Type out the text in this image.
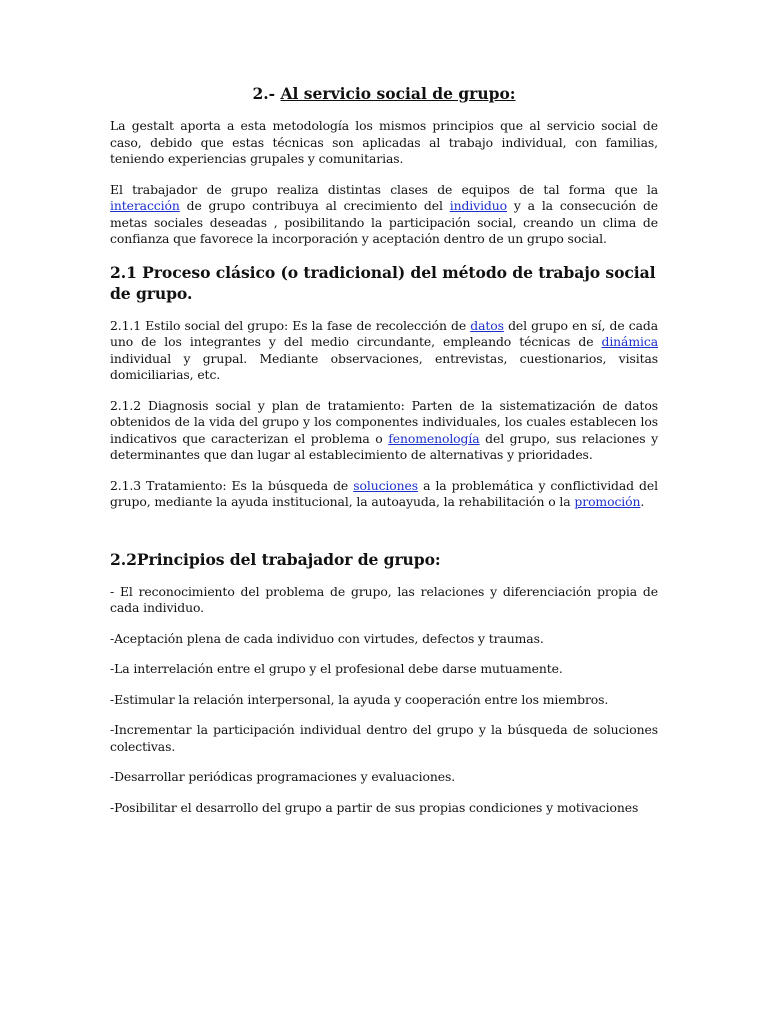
2.- Al servicio social de grupo:

La gestalt aporta a esta metodología los mismos principios que al servicio social de caso, debido que estas técnicas son aplicadas al trabajo individual, con familias, teniendo experiencias grupales y comunitarias.

El trabajador de grupo realiza distintas clases de equipos de tal forma que la interacción de grupo contribuya al crecimiento del individuo y a la consecución de metas sociales deseadas , posibilitando la participación social, creando un clima de confianza que favorece la incorporación y aceptación dentro de un grupo social.

2.1 Proceso clásico (o tradicional) del método de trabajo social de grupo.

2.1.1 Estilo social del grupo: Es la fase de recolección de datos del grupo en sí, de cada uno de los integrantes y del medio circundante, empleando técnicas de dinámica individual y grupal. Mediante observaciones, entrevistas, cuestionarios, visitas domiciliarias, etc.

2.1.2 Diagnosis social y plan de tratamiento: Parten de la sistematización de datos obtenidos de la vida del grupo y los componentes individuales, los cuales establecen los indicativos que caracterizan el problema o fenomenología del grupo, sus relaciones y determinantes que dan lugar al establecimiento de alternativas y prioridades.

2.1.3 Tratamiento: Es la búsqueda de soluciones a la problemática y conflictividad del grupo, mediante la ayuda institucional, la autoayuda, la rehabilitación o la promoción.

2.2Principios del trabajador de grupo:

- El reconocimiento del problema de grupo, las relaciones y diferenciación propia de cada individuo.

-Aceptación plena de cada individuo con virtudes, defectos y traumas.

-La interrelación entre el grupo y el profesional debe darse mutuamente.

-Estimular la relación interpersonal, la ayuda y cooperación entre los miembros.

-Incrementar la participación individual dentro del grupo y la búsqueda de soluciones colectivas.

-Desarrollar periódicas programaciones y evaluaciones.

-Posibilitar el desarrollo del grupo a partir de sus propias condiciones y motivaciones
